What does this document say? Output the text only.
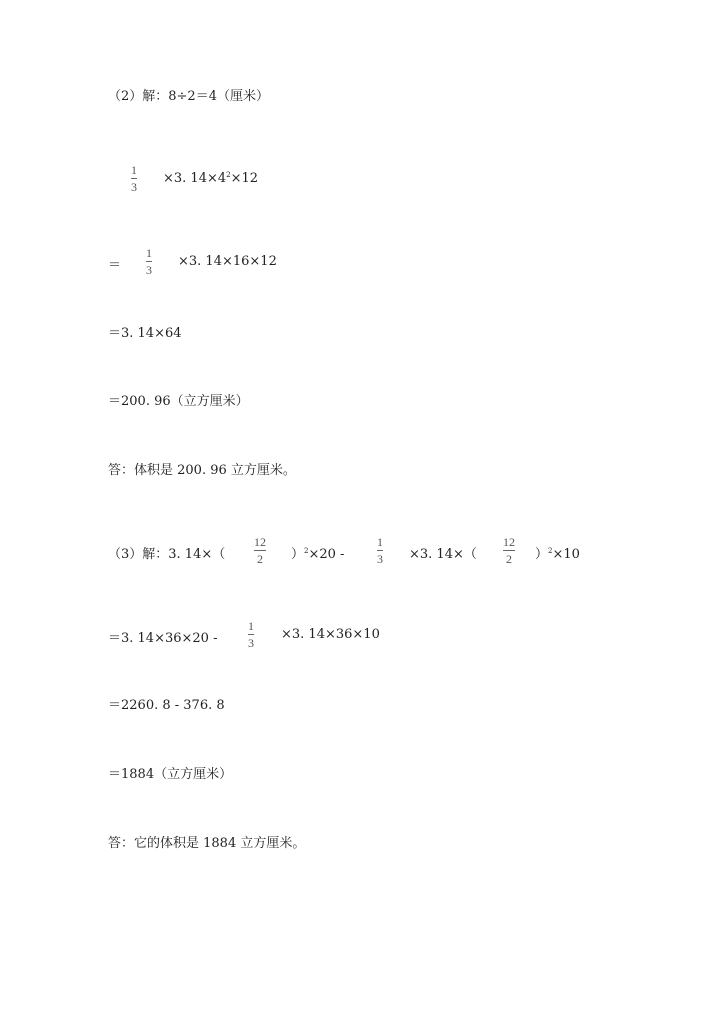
（2）解：8÷2＝4（厘米）
1
3
×3. $14\times 4^2\times 12$
＝
1
3
×3. 14×16×12
＝3. 14×64
＝200. 96（立方厘米）
答：体积是 200. 96 立方厘米。
（3）解：3. 14×（
12
2 ）$^2$×20 -
1
3 ×3. 14×（
12
2 ）$^2$×10
＝3. 14×36×20 -
1
3
×3. 14×36×10
＝2260. 8 - 376. 8
＝1884（立方厘米）
答：它的体积是 1884 立方厘米。
